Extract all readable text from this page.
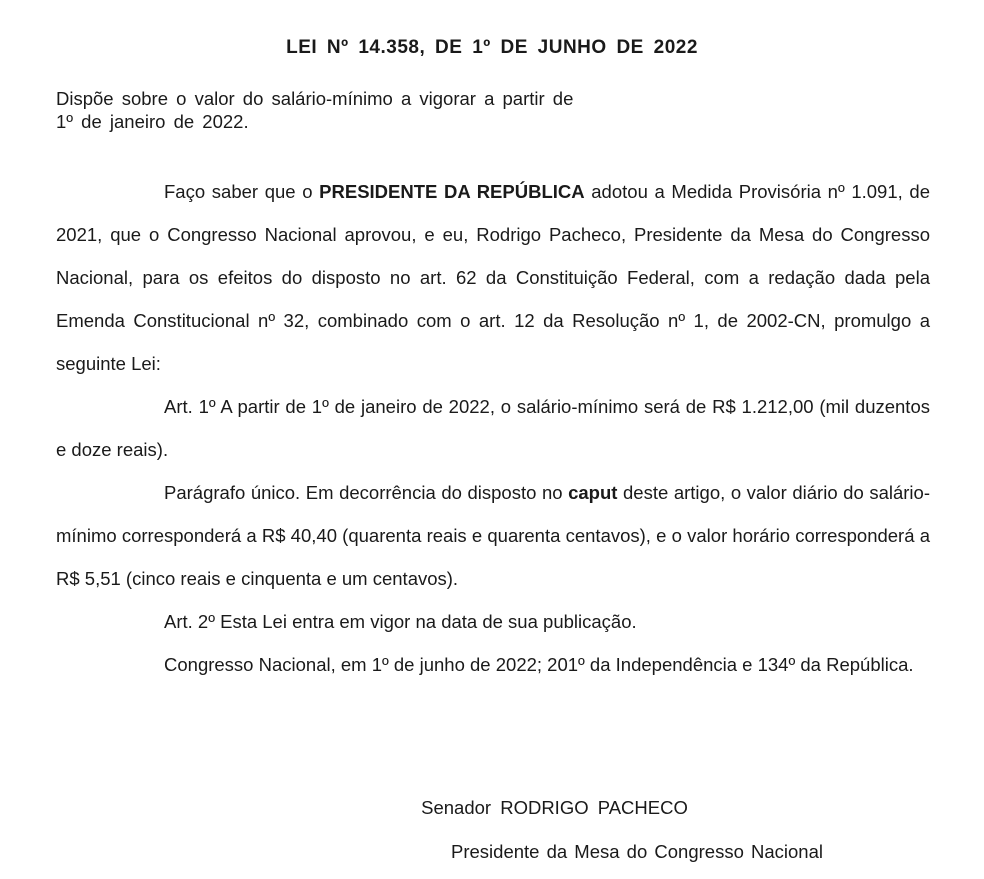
LEI Nº 14.358, DE 1º DE JUNHO DE 2022
Dispõe sobre o valor do salário-mínimo a vigorar a partir de
1º de janeiro de 2022.

Faço saber que o PRESIDENTE DA REPÚBLICA adotou a Medida Provisória nº 1.091, de 2021, que o Congresso Nacional aprovou, e eu, Rodrigo Pacheco, Presidente da Mesa do Congresso Nacional, para os efeitos do disposto no art. 62 da Constituição Federal, com a redação dada pela Emenda Constitucional nº 32, combinado com o art. 12 da Resolução nº 1, de 2002-CN, promulgo a seguinte Lei:

Art. 1º A partir de 1º de janeiro de 2022, o salário-mínimo será de R$ 1.212,00 (mil duzentos e doze reais).

Parágrafo único. Em decorrência do disposto no caput deste artigo, o valor diário do salário-mínimo corresponderá a R$ 40,40 (quarenta reais e quarenta centavos), e o valor horário corresponderá a R$ 5,51 (cinco reais e cinquenta e um centavos).

Art. 2º Esta Lei entra em vigor na data de sua publicação.

Congresso Nacional, em 1º de junho de 2022; 201º da Independência e 134º da República.

Senador RODRIGO PACHECO
Presidente da Mesa do Congresso Nacional
